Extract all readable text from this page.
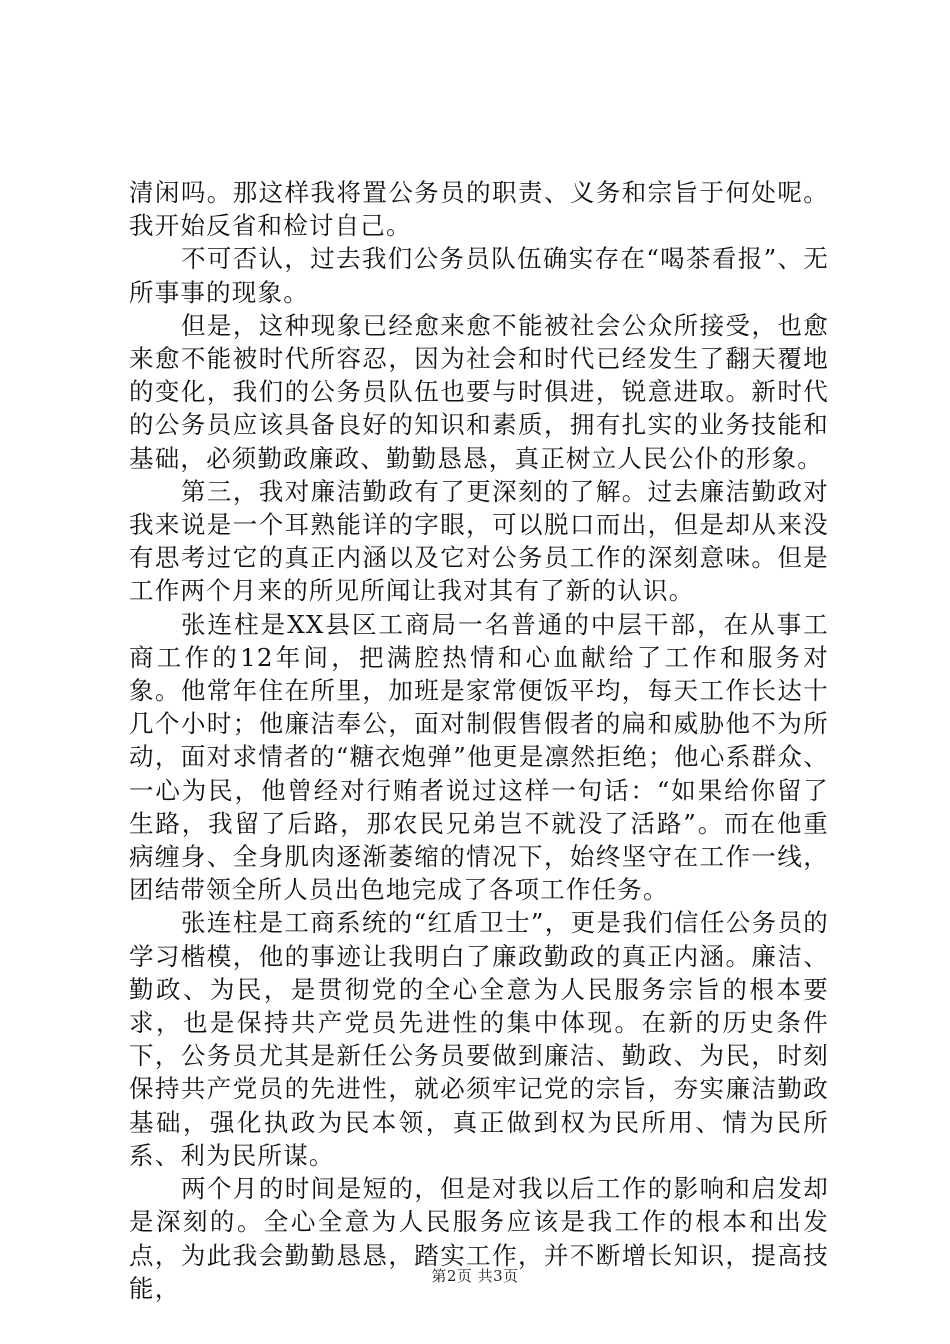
清闲吗。那这样我将置公务员的职责、义务和宗旨于何处呢。我开始反省和检讨自己。

不可否认，过去我们公务员队伍确实存在“喝茶看报”、无所事事的现象。

但是，这种现象已经愈来愈不能被社会公众所接受，也愈来愈不能被时代所容忍，因为社会和时代已经发生了翻天覆地的变化，我们的公务员队伍也要与时俱进，锐意进取。新时代的公务员应该具备良好的知识和素质，拥有扎实的业务技能和基础，必须勤政廉政、勤勤恳恳，真正树立人民公仆的形象。

第三，我对廉洁勤政有了更深刻的了解。过去廉洁勤政对我来说是一个耳熟能详的字眼，可以脱口而出，但是却从来没有思考过它的真正内涵以及它对公务员工作的深刻意味。但是工作两个月来的所见所闻让我对其有了新的认识。

张连柱是XX县区工商局一名普通的中层干部，在从事工商工作的12年间，把满腔热情和心血献给了工作和服务对象。他常年住在所里，加班是家常便饭平均，每天工作长达十几个小时；他廉洁奉公，面对制假售假者的扁和威胁他不为所动，面对求情者的“糖衣炮弹”他更是凛然拒绝；他心系群众、一心为民，他曾经对行贿者说过这样一句话：“如果给你留了生路，我留了后路，那农民兄弟岂不就没了活路”。而在他重病缠身、全身肌肉逐渐萎缩的情况下，始终坚守在工作一线，团结带领全所人员出色地完成了各项工作任务。

张连柱是工商系统的“红盾卫士”，更是我们信任公务员的学习楷模，他的事迹让我明白了廉政勤政的真正内涵。廉洁、勤政、为民，是贯彻党的全心全意为人民服务宗旨的根本要求，也是保持共产党员先进性的集中体现。在新的历史条件下，公务员尤其是新任公务员要做到廉洁、勤政、为民，时刻保持共产党员的先进性，就必须牢记党的宗旨，夯实廉洁勤政基础，强化执政为民本领，真正做到权为民所用、情为民所系、利为民所谋。

两个月的时间是短的，但是对我以后工作的影响和启发却是深刻的。全心全意为人民服务应该是我工作的根本和出发点，为此我会勤勤恳恳，踏实工作，并不断增长知识，提高技能，	第2页 共3页
